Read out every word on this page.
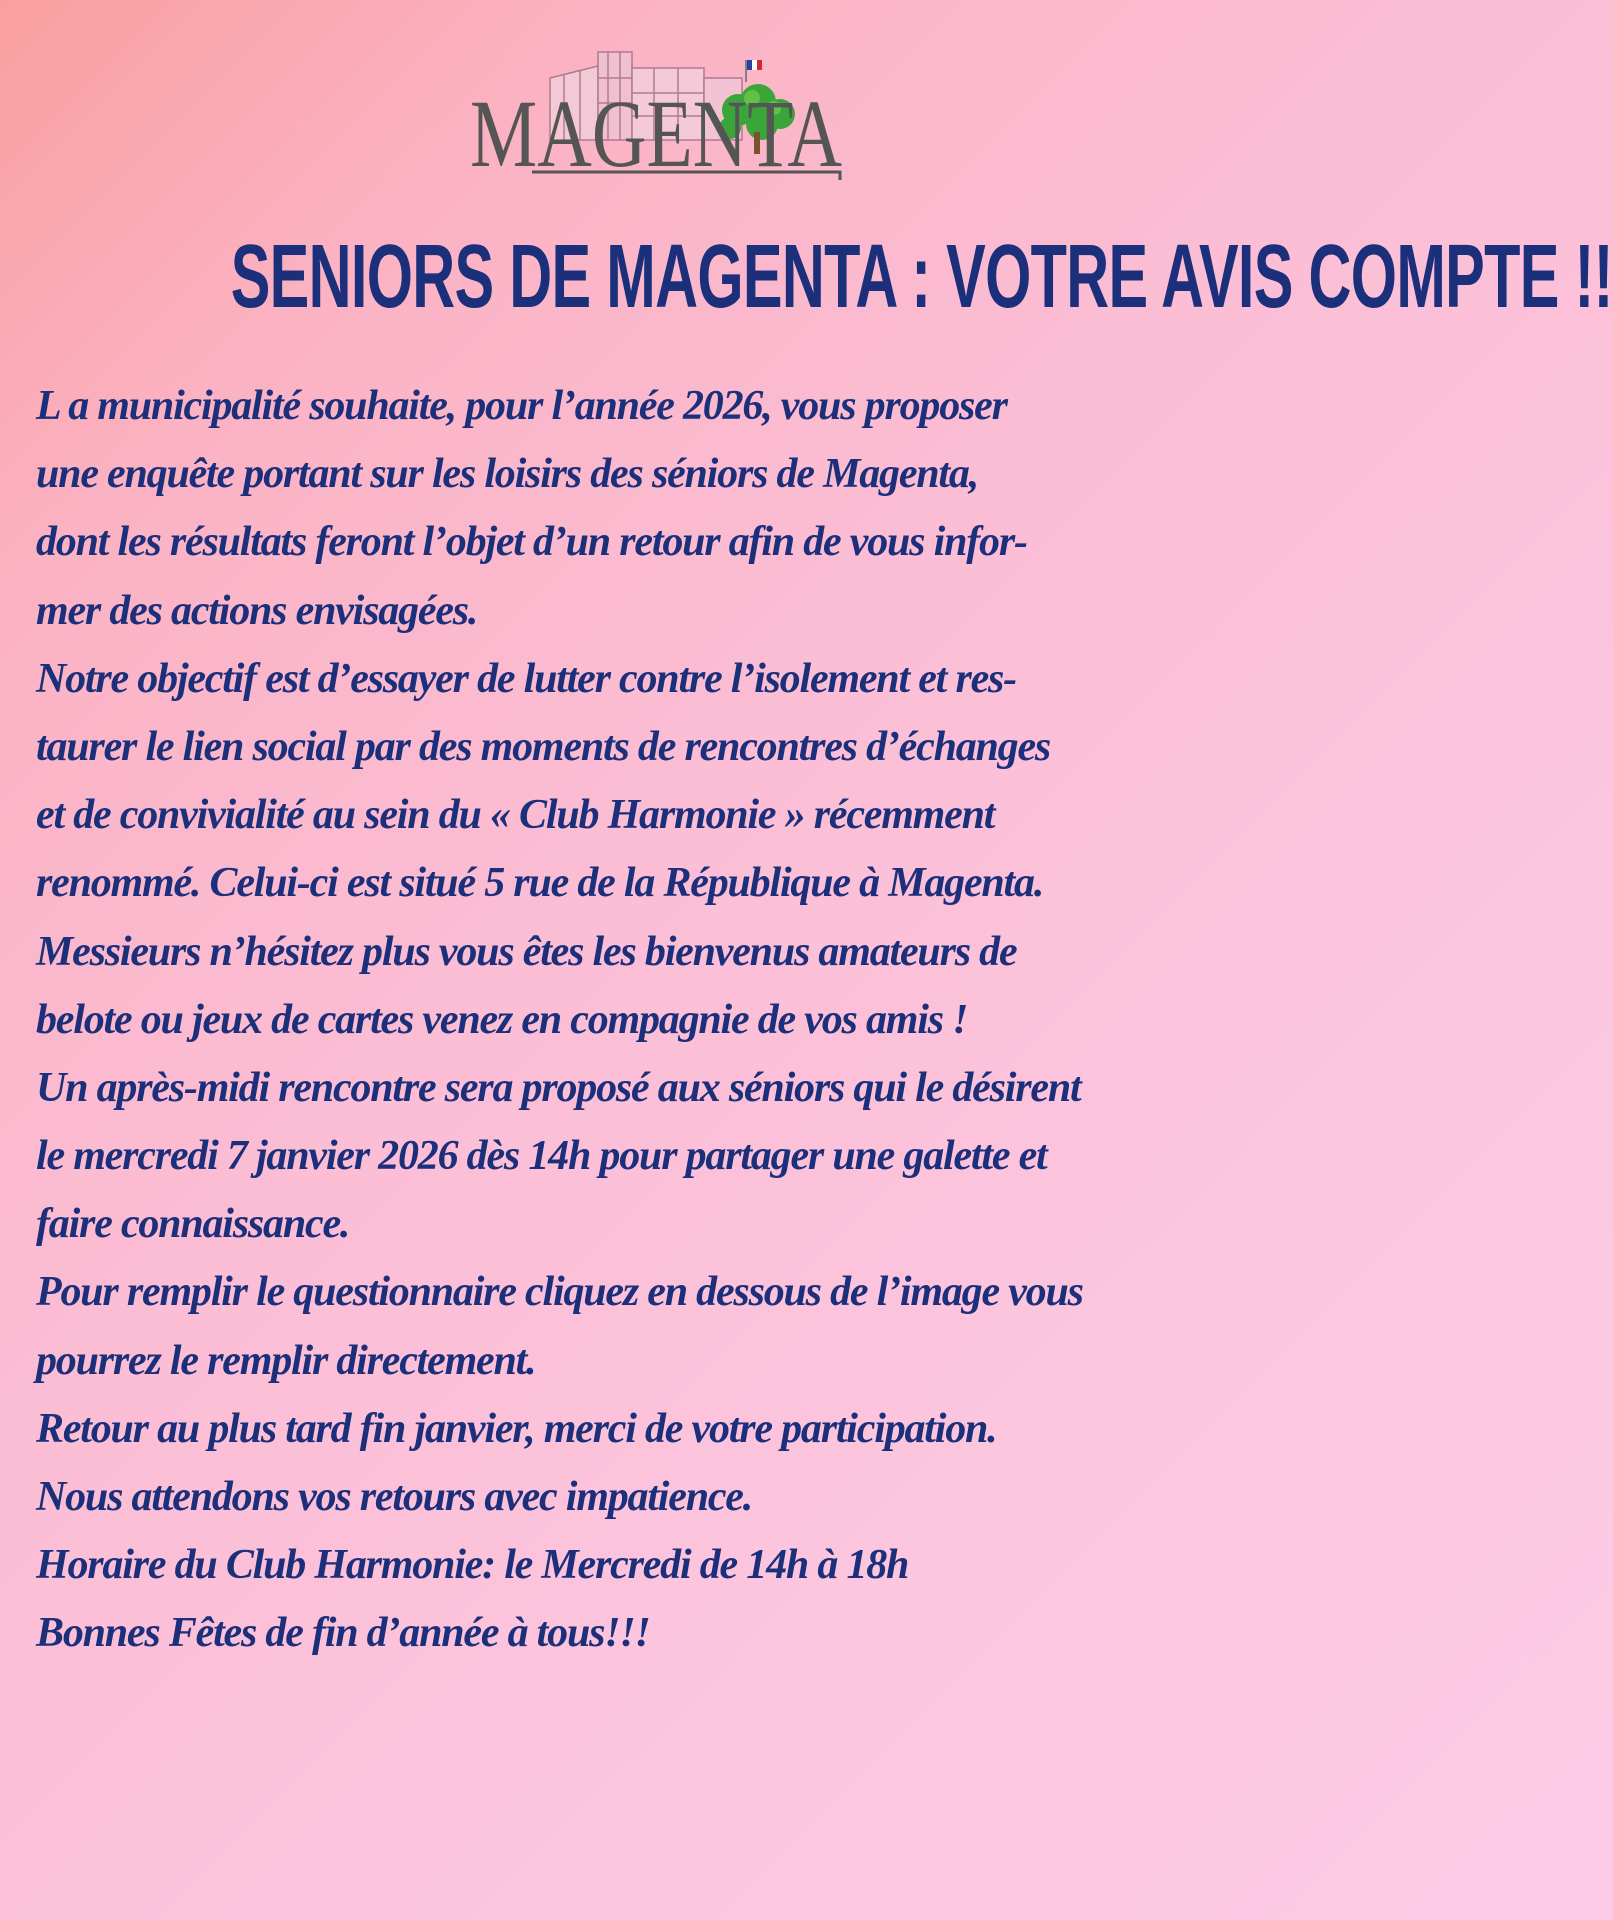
MAGENTA
SENIORS DE MAGENTA : VOTRE AVIS COMPTE !!
L a municipalité souhaite, pour l’année 2026, vous proposer
une enquête portant sur les loisirs des séniors de Magenta,
dont les résultats feront l’objet d’un retour afin de vous infor-
mer des actions envisagées.
Notre objectif est d’essayer de lutter contre l’isolement et res-
taurer le lien social par des moments de rencontres d’échanges
et de convivialité au sein du « Club Harmonie » récemment
renommé. Celui-ci est situé 5 rue de la République à Magenta.
Messieurs n’hésitez plus vous êtes les bienvenus amateurs de
belote ou jeux de cartes venez en compagnie de vos amis !
Un après-midi rencontre sera proposé aux séniors qui le désirent
le mercredi 7 janvier 2026 dès 14h pour partager une galette et
faire connaissance.
Pour remplir le questionnaire cliquez en dessous de l’image vous
pourrez le remplir directement.
Retour au plus tard fin janvier, merci de votre participation.
Nous attendons vos retours avec impatience.
Horaire du Club Harmonie: le Mercredi de 14h à 18h
Bonnes Fêtes de fin d’année à tous!!!
